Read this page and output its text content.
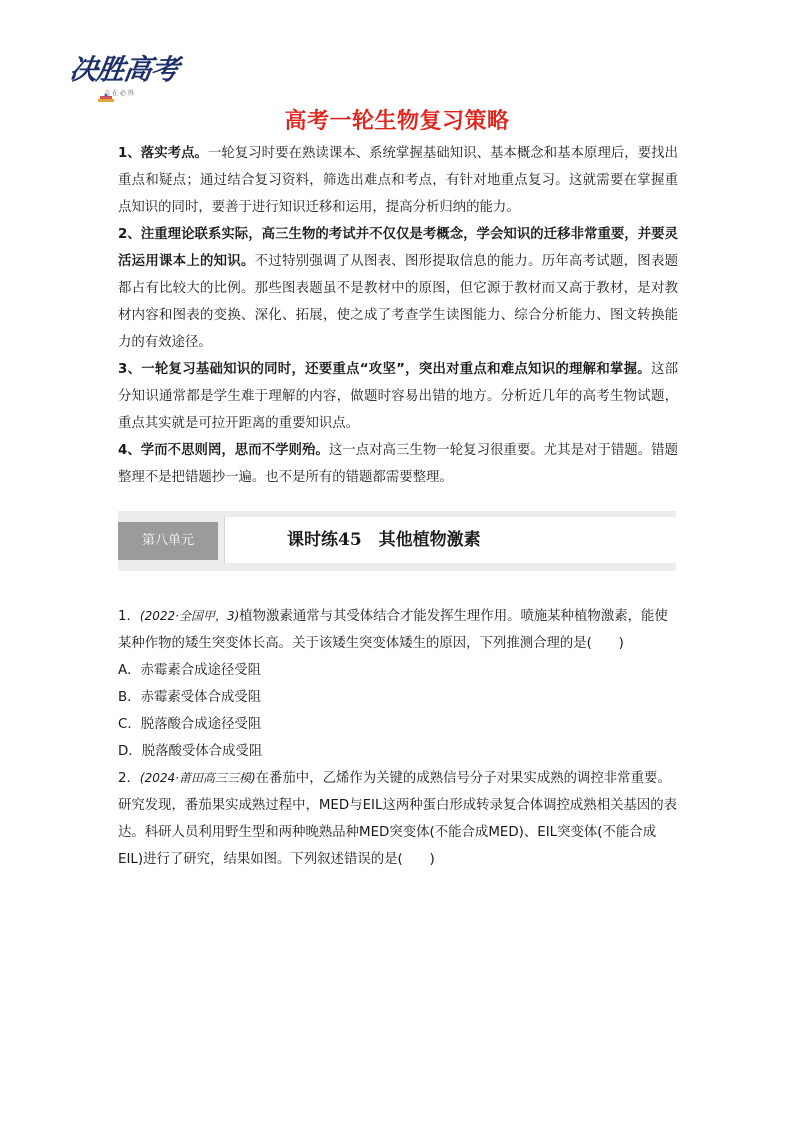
决胜高考
志 在 必 得
高考一轮生物复习策略

1、落实考点。一轮复习时要在熟读课本、系统掌握基础知识、基本概念和基本原理后，要找出重点和疑点；通过结合复习资料，筛选出难点和考点，有针对地重点复习。这就需要在掌握重点知识的同时，要善于进行知识迁移和运用，提高分析归纳的能力。

2、注重理论联系实际，高三生物的考试并不仅仅是考概念，学会知识的迁移非常重要，并要灵活运用课本上的知识。不过特别强调了从图表、图形提取信息的能力。历年高考试题，图表题都占有比较大的比例。那些图表题虽不是教材中的原图，但它源于教材而又高于教材，是对教材内容和图表的变换、深化、拓展，使之成了考查学生读图能力、综合分析能力、图文转换能力的有效途径。

3、一轮复习基础知识的同时，还要重点“攻坚”，突出对重点和难点知识的理解和掌握。这部分知识通常都是学生难于理解的内容，做题时容易出错的地方。分析近几年的高考生物试题，重点其实就是可拉开距离的重要知识点。

4、学而不思则罔，思而不学则殆。这一点对高三生物一轮复习很重要。尤其是对于错题。错题整理不是把错题抄一遍。也不是所有的错题都需要整理。

第八单元	课时练45　其他植物激素

1．(2022·全国甲，3)植物激素通常与其受体结合才能发挥生理作用。喷施某种植物激素，能使某种作物的矮生突变体长高。关于该矮生突变体矮生的原因，下列推测合理的是(　　)

A．赤霉素合成途径受阻

B．赤霉素受体合成受阻

C．脱落酸合成途径受阻

D．脱落酸受体合成受阻

2．(2024·莆田高三三模)在番茄中，乙烯作为关键的成熟信号分子对果实成熟的调控非常重要。研究发现，番茄果实成熟过程中，MED与EIL这两种蛋白形成转录复合体调控成熟相关基因的表达。科研人员利用野生型和两种晚熟品种MED突变体(不能合成MED)、EIL突变体(不能合成EIL)进行了研究，结果如图。下列叙述错误的是(　　)
